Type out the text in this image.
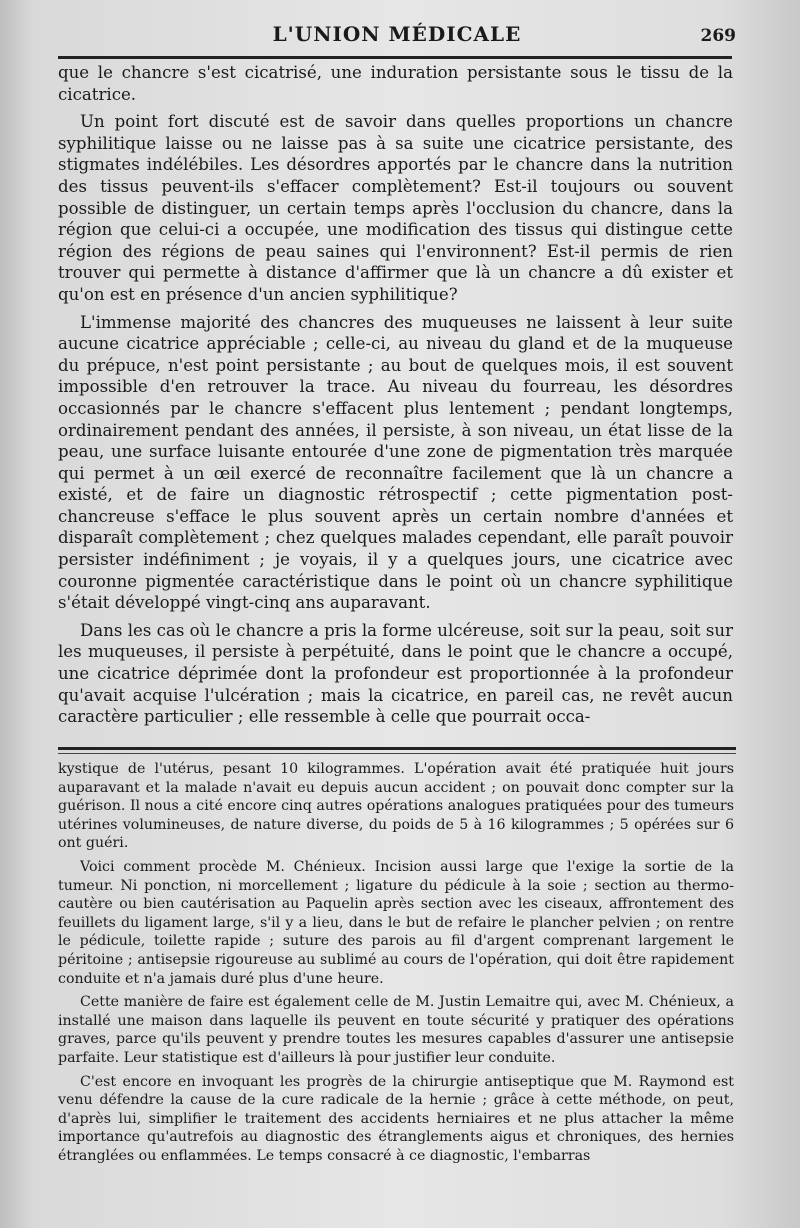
L'UNION MÉDICALE	269

que le chancre s'est cicatrisé, une induration persistante sous le tissu de la cicatrice.

Un point fort discuté est de savoir dans quelles proportions un chancre syphilitique laisse ou ne laisse pas à sa suite une cicatrice persistante, des stigmates indélébiles. Les désordres apportés par le chancre dans la nutrition des tissus peuvent-ils s'effacer complètement? Est-il toujours ou souvent possible de distinguer, un certain temps après l'occlusion du chancre, dans la région que celui-ci a occupée, une modification des tissus qui distingue cette région des régions de peau saines qui l'environnent? Est-il permis de rien trouver qui permette à distance d'affirmer que là un chancre a dû exister et qu'on est en présence d'un ancien syphilitique?

L'immense majorité des chancres des muqueuses ne laissent à leur suite aucune cicatrice appréciable ; celle-ci, au niveau du gland et de la muqueuse du prépuce, n'est point persistante ; au bout de quelques mois, il est souvent impossible d'en retrouver la trace. Au niveau du fourreau, les désordres occasionnés par le chancre s'effacent plus lentement ; pendant longtemps, ordinairement pendant des années, il persiste, à son niveau, un état lisse de la peau, une surface luisante entourée d'une zone de pigmentation très marquée qui permet à un œil exercé de reconnaître facilement que là un chancre a existé, et de faire un diagnostic rétrospectif ; cette pigmentation post-chancreuse s'efface le plus souvent après un certain nombre d'années et disparaît complètement ; chez quelques malades cependant, elle paraît pouvoir persister indéfiniment ; je voyais, il y a quelques jours, une cicatrice avec couronne pigmentée caractéristique dans le point où un chancre syphilitique s'était développé vingt-cinq ans auparavant.

Dans les cas où le chancre a pris la forme ulcéreuse, soit sur la peau, soit sur les muqueuses, il persiste à perpétuité, dans le point que le chancre a occupé, une cicatrice déprimée dont la profondeur est proportionnée à la profondeur qu'avait acquise l'ulcération ; mais la cicatrice, en pareil cas, ne revêt aucun caractère particulier ; elle ressemble à celle que pourrait occa-

kystique de l'utérus, pesant 10 kilogrammes. L'opération avait été pratiquée huit jours auparavant et la malade n'avait eu depuis aucun accident ; on pouvait donc compter sur la guérison. Il nous a cité encore cinq autres opérations analogues pratiquées pour des tumeurs utérines volumineuses, de nature diverse, du poids de 5 à 16 kilogrammes ; 5 opérées sur 6 ont guéri.

Voici comment procède M. Chénieux. Incision aussi large que l'exige la sortie de la tumeur. Ni ponction, ni morcellement ; ligature du pédicule à la soie ; section au thermo-cautère ou bien cautérisation au Paquelin après section avec les ciseaux, affrontement des feuillets du ligament large, s'il y a lieu, dans le but de refaire le plancher pelvien ; on rentre le pédicule, toilette rapide ; suture des parois au fil d'argent comprenant largement le péritoine ; antisepsie rigoureuse au sublimé au cours de l'opération, qui doit être rapidement conduite et n'a jamais duré plus d'une heure.

Cette manière de faire est également celle de M. Justin Lemaitre qui, avec M. Chénieux, a installé une maison dans laquelle ils peuvent en toute sécurité y pratiquer des opérations graves, parce qu'ils peuvent y prendre toutes les mesures capables d'assurer une antisepsie parfaite. Leur statistique est d'ailleurs là pour justifier leur conduite.

C'est encore en invoquant les progrès de la chirurgie antiseptique que M. Raymond est venu défendre la cause de la cure radicale de la hernie ; grâce à cette méthode, on peut, d'après lui, simplifier le traitement des accidents herniaires et ne plus attacher la même importance qu'autrefois au diagnostic des étranglements aigus et chroniques, des hernies étranglées ou enflammées. Le temps consacré à ce diagnostic, l'embarras
